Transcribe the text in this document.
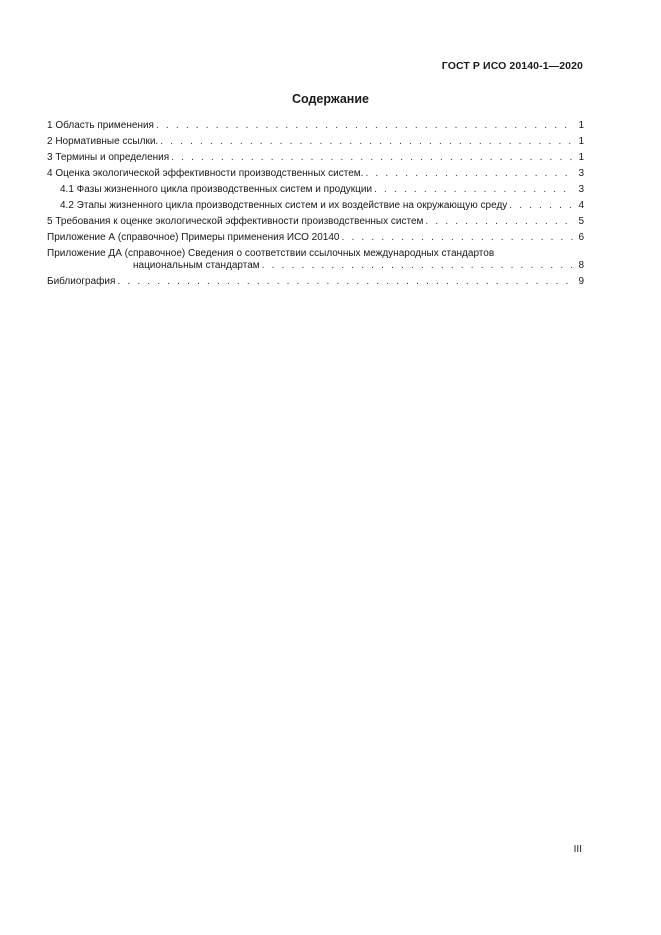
ГОСТ Р ИСО 20140-1—2020
Содержание
1 Область применения . . .	1
2 Нормативные ссылки. . . .	1
3 Термины и определения . . .	1
4 Оценка экологической эффективности производственных систем. . . .	3
4.1 Фазы жизненного цикла производственных систем и продукции . . .	3
4.2 Этапы жизненного цикла производственных систем и их воздействие на окружающую среду . . .	4
5 Требования к оценке экологической эффективности производственных систем . . .	5
Приложение А (справочное) Примеры применения ИСО 20140 . . .	6
Приложение ДА (справочное) Сведения о соответствии ссылочных международных стандартов
национальным стандартам . . .	8
Библиография . . .	9
III
